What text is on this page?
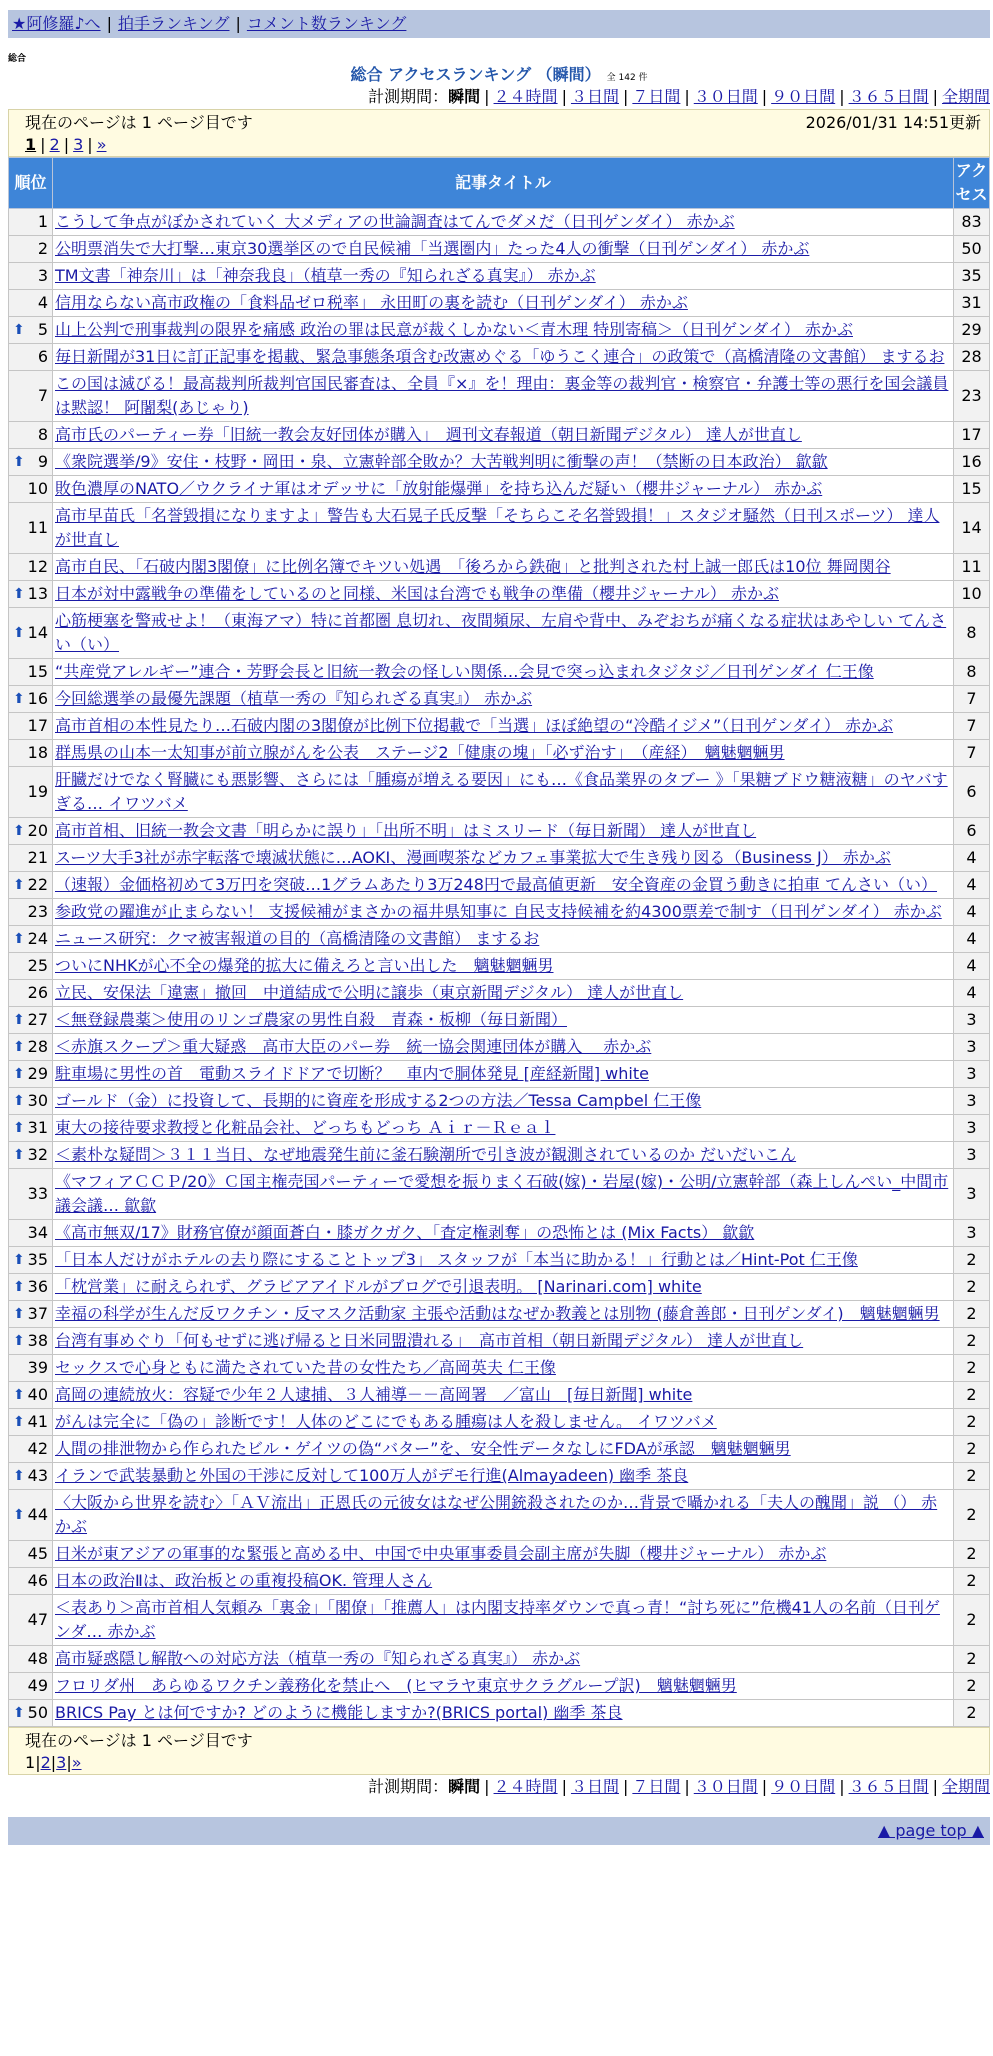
★阿修羅♪へ | 拍手ランキング | コメント数ランキング
総合
総合 アクセスランキング （瞬間） 全 142 件
計測期間：瞬間 | ２４時間 | ３日間 | ７日間 | ３０日間 | ９０日間 | ３６５日間 | 全期間
現在のページは 1 ページ目です	2026/01/31 14:51更新
1 | 2 | 3 | »
順位	記事タイトル	アクセス
1	こうして争点がぼかされていく 大メディアの世論調査はてんでダメだ（日刊ゲンダイ） 赤かぶ	83
2	公明票消失で大打撃…東京30選挙区ので自民候補「当選圏内」たった4人の衝撃（日刊ゲンダイ） 赤かぶ	50
3	TM文書「神奈川」は「神奈我良」（植草一秀の『知られざる真実』） 赤かぶ	35
4	信用ならない高市政権の「食料品ゼロ税率」 永田町の裏を読む（日刊ゲンダイ） 赤かぶ	31

⬆ 5	山上公判で刑事裁判の限界を痛感 政治の罪は民意が裁くしかない＜青木理 特別寄稿＞（日刊ゲンダイ） 赤かぶ	29
6	毎日新聞が31日に訂正記事を掲載、緊急事態条項含む改憲めぐる「ゆうこく連合」の政策で（高橋清隆の文書館） まするお	28
7	この国は滅びる！最高裁判所裁判官国民審査は、全員『×』を！理由：裏金等の裁判官・検察官・弁護士等の悪行を国会議員は黙認！ 阿闍梨(あじゃり)	23
8	高市氏のパーティー券「旧統一教会友好団体が購入」　週刊文春報道（朝日新聞デジタル） 達人が世直し	17

⬆ 9	《衆院選挙/9》安住・枝野・岡田・泉、立憲幹部全敗か？大苦戦判明に衝撃の声！（禁断の日本政治） 歙歙	16
10	敗色濃厚のNATO／ウクライナ軍はオデッサに「放射能爆弾」を持ち込んだ疑い（櫻井ジャーナル） 赤かぶ	15
11	高市早苗氏「名誉毀損になりますよ」警告も大石晃子氏反撃「そちらこそ名誉毀損！」スタジオ騒然（日刊スポーツ） 達人が世直し	14
12	高市自民、「石破内閣3閣僚」に比例名簿でキツい処遇　「後ろから鉄砲」と批判された村上誠一郎氏は10位 舞岡関谷	11

⬆ 13	日本が対中露戦争の準備をしているのと同様、米国は台湾でも戦争の準備（櫻井ジャーナル） 赤かぶ	10

⬆ 14	心筋梗塞を警戒せよ！（東海アマ）特に首都圏 息切れ、夜間頻尿、左肩や背中、みぞおちが痛くなる症状はあやしい てんさい（い）	8
15	“共産党アレルギー”連合・芳野会長と旧統一教会の怪しい関係…会見で突っ込まれタジタジ／日刊ゲンダイ 仁王像	8

⬆ 16	今回総選挙の最優先課題（植草一秀の『知られざる真実』） 赤かぶ	7
17	高市首相の本性見たり…石破内閣の3閣僚が比例下位掲載で「当選」ほぼ絶望の“冷酷イジメ”（日刊ゲンダイ） 赤かぶ	7
18	群馬県の山本一太知事が前立腺がんを公表　ステージ2「健康の塊」「必ず治す」　（産経）　魑魅魍魎男	7
19	肝臓だけでなく腎臓にも悪影響、さらには「腫瘍が増える要因」にも…《食品業界のタブー 》「果糖ブドウ糖液糖」のヤバすぎる… イワツバメ	6

⬆ 20	高市首相、旧統一教会文書「明らかに誤り」「出所不明」はミスリード（毎日新聞） 達人が世直し	6
21	スーツ大手3社が赤字転落で壊滅状態に…AOKI、漫画喫茶などカフェ事業拡大で生き残り図る（Business J） 赤かぶ	4

⬆ 22	（速報）金価格初めて3万円を突破…1グラムあたり3万248円で最高値更新　安全資産の金買う動きに拍車 てんさい（い）	4
23	参政党の躍進が止まらない！ 支援候補がまさかの福井県知事に 自民支持候補を約4300票差で制す（日刊ゲンダイ） 赤かぶ	4

⬆ 24	ニュース研究：クマ被害報道の目的（高橋清隆の文書館） まするお	4
25	ついにNHKが心不全の爆発的拡大に備えろと言い出した　魑魅魍魎男	4
26	立民、安保法「違憲」撤回　中道結成で公明に譲歩（東京新聞デジタル） 達人が世直し	4

⬆ 27	＜無登録農薬＞使用のリンゴ農家の男性自殺　青森・板柳（毎日新聞）	3

⬆ 28	＜赤旗スクープ＞重大疑惑　高市大臣のパー券　統一協会関連団体が購入　 赤かぶ	3

⬆ 29	駐車場に男性の首　電動スライドドアで切断？　車内で胴体発見 [産経新聞] white	3

⬆ 30	ゴールド（金）に投資して、長期的に資産を形成する2つの方法／Tessa Campbel 仁王像	3

⬆ 31	東大の接待要求教授と化粧品会社、どっちもどっち Ａｉｒ－Ｒｅａｌ	3

⬆ 32	＜素朴な疑問＞３１１当日、なぜ地震発生前に釜石験潮所で引き波が観測されているのか だいだいこん	3
33	《マフィアＣＣＰ/20》Ｃ国主権売国パーティーで愛想を振りまく石破(嫁)・岩屋(嫁)・公明/立憲幹部（森上しんぺい_中間市議会議… 歙歙	3
34	《高市無双/17》財務官僚が顔面蒼白・膝ガクガク、「査定権剥奪」の恐怖とは (Mix Facts） 歙歙	3

⬆ 35	「日本人だけがホテルの去り際にすることトップ3」 スタッフが「本当に助かる！」行動とは／Hint-Pot 仁王像	2

⬆ 36	「枕営業」に耐えられず、グラビアアイドルがブログで引退表明。 [Narinari.com] white	2

⬆ 37	幸福の科学が生んだ反ワクチン・反マスク活動家 主張や活動はなぜか教義とは別物 (藤倉善郎・日刊ゲンダイ)　魑魅魍魎男	2

⬆ 38	台湾有事めぐり「何もせずに逃げ帰ると日米同盟潰れる」　高市首相（朝日新聞デジタル） 達人が世直し	2
39	セックスで心身ともに満たされていた昔の女性たち／高岡英夫 仁王像	2

⬆ 40	高岡の連続放火：容疑で少年２人逮捕、３人補導－－高岡署　／富山　[毎日新聞] white	2

⬆ 41	がんは完全に「偽の」診断です！人体のどこにでもある腫瘍は人を殺しません。 イワツバメ	2
42	人間の排泄物から作られたビル・ゲイツの偽“バター”を、安全性データなしにFDAが承認　魑魅魍魎男	2

⬆ 43	イランで武装暴動と外国の干渉に反対して100万人がデモ行進(Almayadeen) 幽季 茶良	2

⬆ 44	〈大阪から世界を読む〉「ＡＶ流出」正恩氏の元彼女はなぜ公開銃殺されたのか…背景で囁かれる「夫人の醜聞」説 （） 赤かぶ	2
45	日米が東アジアの軍事的な緊張と高める中、中国で中央軍事委員会副主席が失脚（櫻井ジャーナル） 赤かぶ	2
46	日本の政治Ⅱは、政治板との重複投稿OK. 管理人さん	2
47	＜表あり＞高市首相人気頼み「裏金」「閣僚」「推薦人」は内閣支持率ダウンで真っ青！“討ち死に”危機41人の名前（日刊ゲンダ… 赤かぶ	2
48	高市疑惑隠し解散への対応方法（植草一秀の『知られざる真実』） 赤かぶ	2
49	フロリダ州　あらゆるワクチン義務化を禁止へ　(ヒマラヤ東京サクラグループ訳)　魑魅魍魎男	2

⬆ 50	BRICS Pay とは何ですか? どのように機能しますか?(BRICS portal) 幽季 茶良	2
現在のページは 1 ページ目です
1|2|3|»
計測期間：瞬間 | ２４時間 | ３日間 | ７日間 | ３０日間 | ９０日間 | ３６５日間 | 全期間
▲ page top ▲
